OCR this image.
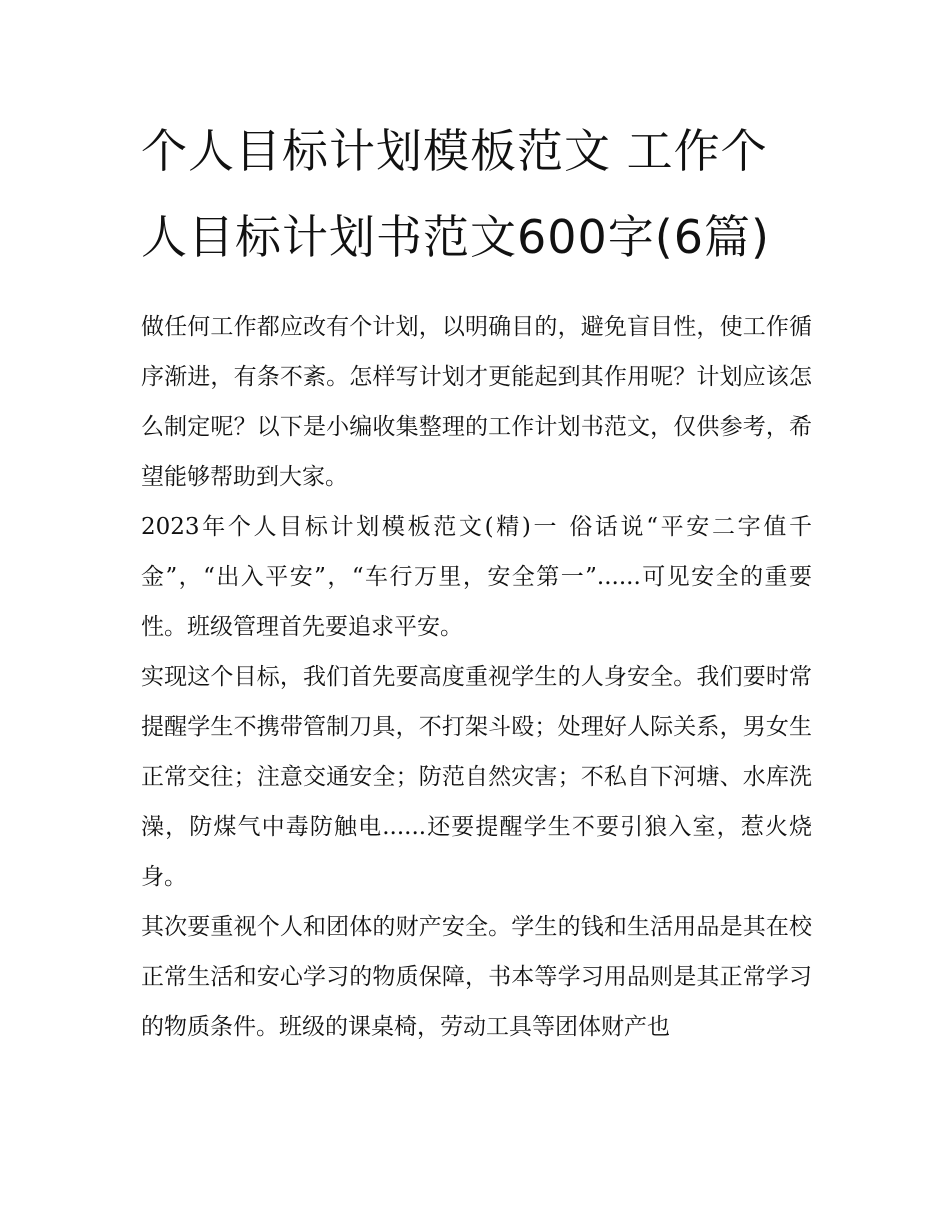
个人目标计划模板范文 工作个人目标计划书范文600字(6篇)

做任何工作都应改有个计划，以明确目的，避免盲目性，使工作循序渐进，有条不紊。怎样写计划才更能起到其作用呢？计划应该怎么制定呢？以下是小编收集整理的工作计划书范文，仅供参考，希望能够帮助到大家。

2023年个人目标计划模板范文(精)一 俗话说“平安二字值千金”，“出入平安”，“车行万里，安全第一”......可见安全的重要性。班级管理首先要追求平安。

实现这个目标，我们首先要高度重视学生的人身安全。我们要时常提醒学生不携带管制刀具，不打架斗殴；处理好人际关系，男女生正常交往；注意交通安全；防范自然灾害；不私自下河塘、水库洗澡，防煤气中毒防触电......还要提醒学生不要引狼入室，惹火烧身。

其次要重视个人和团体的财产安全。学生的钱和生活用品是其在校正常生活和安心学习的物质保障，书本等学习用品则是其正常学习的物质条件。班级的课桌椅，劳动工具等团体财产也
